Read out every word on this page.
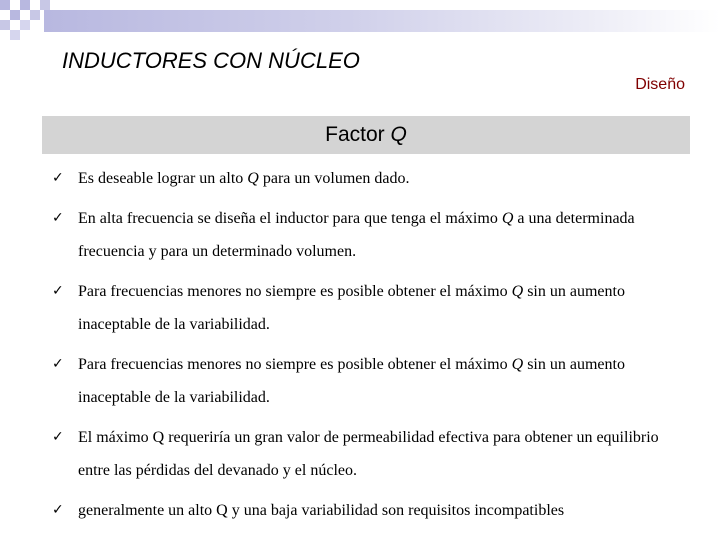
INDUCTORES CON NÚCLEO
Diseño
Factor Q
✓ Es deseable lograr un alto Q para un volumen dado.
✓ En alta frecuencia se diseña el inductor para que tenga el máximo Q a una determinada frecuencia y para un determinado volumen.
✓ Para frecuencias menores no siempre es posible obtener el máximo Q sin un aumento inaceptable de la variabilidad.
✓ Para frecuencias menores no siempre es posible obtener el máximo Q sin un aumento inaceptable de la variabilidad.
✓ El máximo Q requeriría un gran valor de permeabilidad efectiva para obtener un equilibrio entre las pérdidas del devanado y el núcleo.
✓ generalmente un alto Q y una baja variabilidad son requisitos incompatibles
